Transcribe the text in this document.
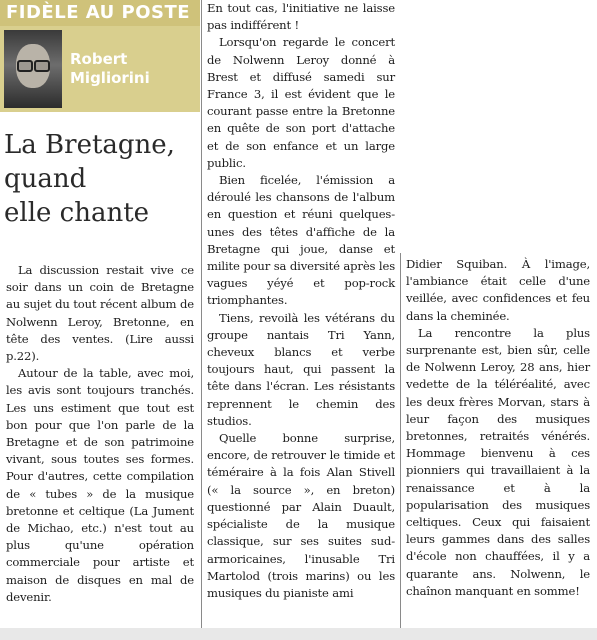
FIDÈLE AU POSTE
Robert
Migliorini
La Bretagne,
quand
elle chante

La discussion restait vive ce soir dans un coin de Bretagne au sujet du tout récent album de Nolwenn Leroy, Bretonne, en tête des ventes. (Lire aussi p.22).

Autour de la table, avec moi, les avis sont toujours tranchés. Les uns estiment que tout est bon pour que l'on parle de la Bretagne et de son patrimoine vivant, sous toutes ses formes. Pour d'autres, cette compilation de « tubes » de la musique bretonne et celtique (La Jument de Michao, etc.) n'est tout au plus qu'une opération commerciale pour artiste et maison de disques en mal de devenir.

En tout cas, l'initiative ne laisse pas indifférent !

Lorsqu'on regarde le concert de Nolwenn Leroy donné à Brest et diffusé samedi sur France 3, il est évident que le courant passe entre la Bretonne en quête de son port d'attache et de son enfance et un large public.

Bien ficelée, l'émission a déroulé les chansons de l'album en question et réuni quelques-unes des têtes d'affiche de la Bretagne qui joue, danse et milite pour sa diversité après les vagues yéyé et pop-rock triomphantes.

Tiens, revoilà les vétérans du groupe nantais Tri Yann, cheveux blancs et verbe toujours haut, qui passent la tête dans l'écran. Les résistants reprennent le chemin des studios.

Quelle bonne surprise, encore, de retrouver le timide et téméraire à la fois Alan Stivell (« la source », en breton) questionné par Alain Duault, spécialiste de la musique classique, sur ses suites sud-armoricaines, l'inusable Tri Martolod (trois marins) ou les musiques du pianiste ami

Didier Squiban. À l'image, l'ambiance était celle d'une veillée, avec confidences et feu dans la cheminée.

La rencontre la plus surprenante est, bien sûr, celle de Nolwenn Leroy, 28 ans, hier vedette de la téléréalité, avec les deux frères Morvan, stars à leur façon des musiques bretonnes, retraités vénérés. Hommage bienvenu à ces pionniers qui travaillaient à la renaissance et à la popularisation des musiques celtiques. Ceux qui faisaient leurs gammes dans des salles d'école non chauffées, il y a quarante ans. Nolwenn, le chaînon manquant en somme!
